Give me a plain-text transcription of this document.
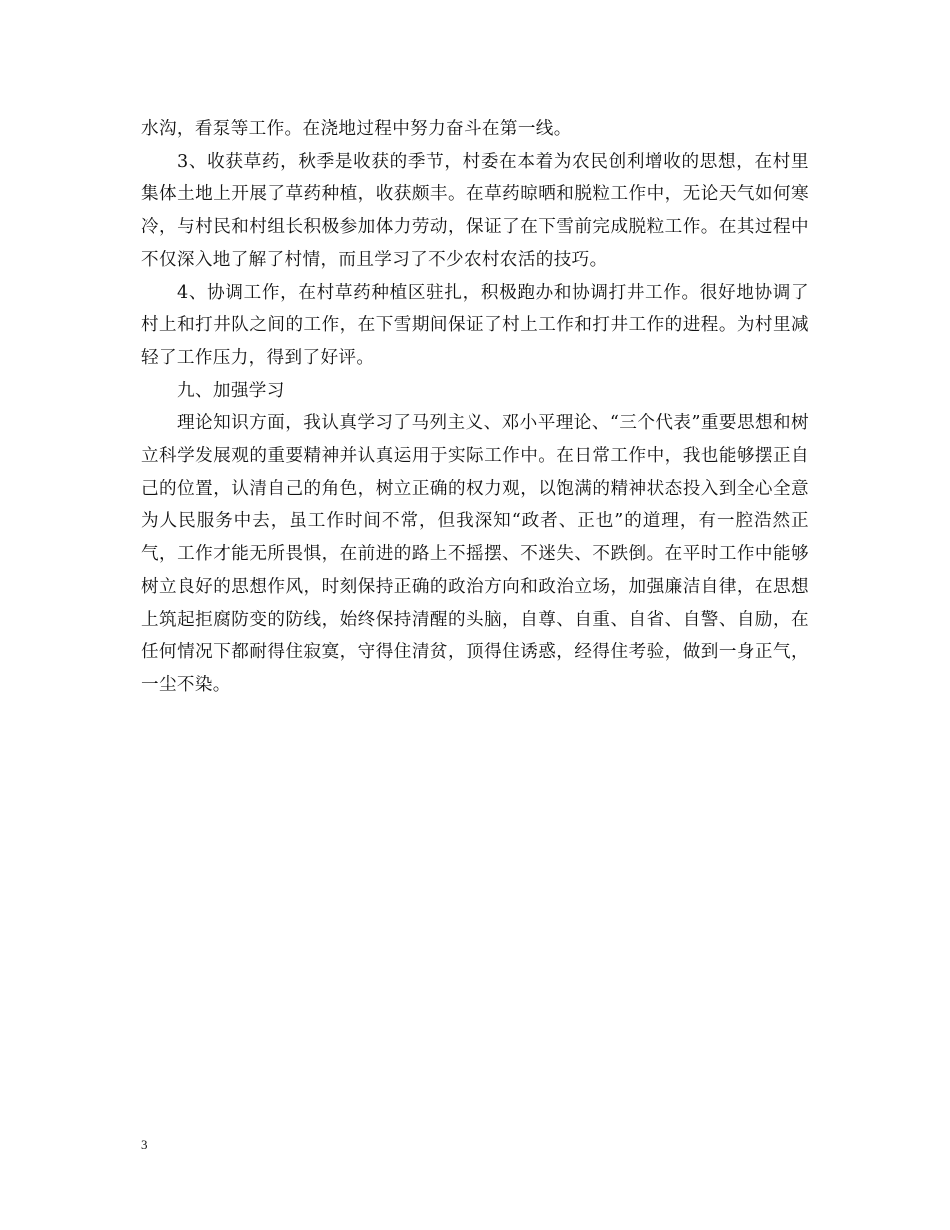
水沟，看泵等工作。在浇地过程中努力奋斗在第一线。

3、收获草药，秋季是收获的季节，村委在本着为农民创利增收的思想，在村里集体土地上开展了草药种植，收获颇丰。在草药晾晒和脱粒工作中，无论天气如何寒冷，与村民和村组长积极参加体力劳动，保证了在下雪前完成脱粒工作。在其过程中不仅深入地了解了村情，而且学习了不少农村农活的技巧。

4、协调工作，在村草药种植区驻扎，积极跑办和协调打井工作。很好地协调了村上和打井队之间的工作，在下雪期间保证了村上工作和打井工作的进程。为村里减轻了工作压力，得到了好评。

九、加强学习

理论知识方面，我认真学习了马列主义、邓小平理论、“三个代表”重要思想和树立科学发展观的重要精神并认真运用于实际工作中。在日常工作中，我也能够摆正自己的位置，认清自己的角色，树立正确的权力观，以饱满的精神状态投入到全心全意为人民服务中去，虽工作时间不常，但我深知“政者、正也”的道理，有一腔浩然正气，工作才能无所畏惧，在前进的路上不摇摆、不迷失、不跌倒。在平时工作中能够树立良好的思想作风，时刻保持正确的政治方向和政治立场，加强廉洁自律，在思想上筑起拒腐防变的防线，始终保持清醒的头脑，自尊、自重、自省、自警、自励，在任何情况下都耐得住寂寞，守得住清贫，顶得住诱惑，经得住考验，做到一身正气，一尘不染。

3
